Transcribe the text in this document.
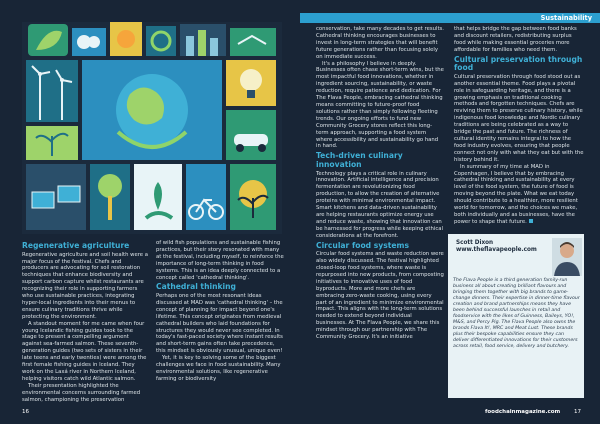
Sustainability
Regenerative agriculture

Regenerative agriculture and soil health were a major focus of the festival. Chefs and producers are advocating for soil restoration techniques that enhance biodiversity and support carbon capture whilst restaurants are recognizing their role in supporting farmers who use sustainable practices, integrating hyper-local ingredients into their menus to ensure culinary traditions thrive while protecting the environment.

A standout moment for me came when four young Icelandic fishing guides took to the stage to present a compelling argument against sea-farmed salmon. These seventh-generation guides (two sets of sisters in their late teens and early twenties) were among the first female fishing guides in Iceland. They work on the Laxá river in Northern Iceland, helping visitors catch wild Atlantic salmon.

Their presentation highlighted the environmental concerns surrounding farmed salmon, championing the preservation

of wild fish populations and sustainable fishing practices, but their story resonated with many at the festival, including myself, to reinforce the importance of long-term thinking in food systems. This is an idea deeply connected to a concept called 'cathedral thinking'.

Cathedral thinking

Perhaps one of the most resonant ideas discussed at MAD was 'cathedral thinking' – the concept of planning for impact beyond one's lifetime. This concept originates from medieval cathedral builders who laid foundations for structures they would never see completed. In today's fast-paced society where instant results and short-term gains often take precedence, this mindset is obviously unusual, unique even!

Yet, it is key to solving some of the biggest challenges we face in food sustainability. Many environmental solutions, like regenerative farming or biodiversity

conservation, take many decades to get results. Cathedral thinking encourages businesses to invest in long-term strategies that will benefit future generations rather than focusing solely on immediate success.

It's a philosophy I believe in deeply. Businesses often chase short-term wins, but the most impactful food innovations, whether in ingredient sourcing, sustainability, or waste reduction, require patience and dedication. For The Flava People, embracing cathedral thinking means committing to future-proof food solutions rather than simply following fleeting trends. Our ongoing efforts to fund new Community Grocery stores reflect this long-term approach, supporting a food system where accessibility and sustainability go hand in hand.

Tech-driven culinary innovation

Technology plays a critical role in culinary innovation. Artificial intelligence and precision fermentation are revolutionizing food production, to allow the creation of alternative proteins with minimal environmental impact. Smart kitchens and data-driven sustainability are helping restaurants optimize energy use and reduce waste, showing that innovation can be harnessed for progress while keeping ethical considerations at the forefront.

Circular food systems

Circular food systems and waste reduction were also widely discussed. The festival highlighted closed-loop food systems, where waste is repurposed into new products, from composting initiatives to innovative uses of food byproducts. More and more chefs are embracing zero-waste cooking, using every part of an ingredient to minimize environmental impact. This aligns with the long-term solutions needed to extend beyond individual businesses. At The Flava People, we share this mindset through our partnership with The Community Grocery. It's an initiative

that helps bridge the gap between food banks and discount retailers, redistributing surplus food while making essential groceries more affordable for families who need them.

Cultural preservation through food

Cultural preservation through food stood out as another essential theme. Food plays a pivotal role in safeguarding heritage, and there is a growing emphasis on traditional cooking methods and forgotten techniques. Chefs are reviving them to preserve culinary history, while indigenous food knowledge and Nordic culinary traditions are being celebrated as a way to bridge the past and future. The richness of cultural identity remains integral to how the food industry evolves, ensuring that people connect not only with what they eat but with the history behind it.

In summary of my time at MAD in Copenhagen, I believe that by embracing cathedral thinking and sustainability at every level of the food system, the future of food is moving beyond the plate. What we eat today should contribute to a healthier, more resilient world for tomorrow, and the choices we make, both individually and as businesses, have the power to shape that future.

Scott Dixon
www.theflavapeople.com
The Flava People is a third generation family-run business all about creating brilliant flavours and bringing them together with big brands to game-change dinners. Their expertise in dinner-time flavour creation and brand partnerships means they have been behind successful launches in retail and foodservice with the likes of Guinness, Baileys, YO!, M&S, and Percy Pig. The Flava People also owns the brands Flava It!, MRC and Meat Lust. These brands plus their bespoke capabilities ensure they can deliver differentiated innovations for their customers across retail, food service, delivery and butchery.
16	foodchainmagazine.com 17
